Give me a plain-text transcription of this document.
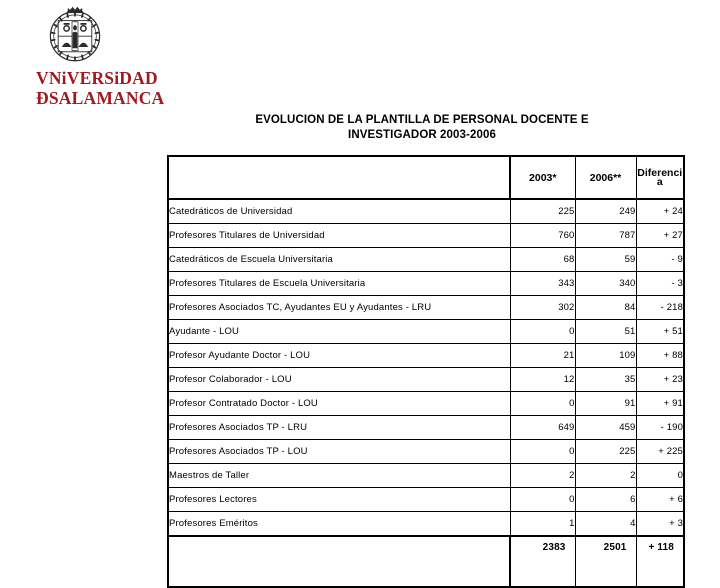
VNiVERSiDAD
ÐSALAMANCA
EVOLUCION DE LA PLANTILLA DE PERSONAL DOCENTE E
INVESTIGADOR 2003-2006
	2003*	2006**	Diferencia
Catedráticos de Universidad	225	249	+ 24
Profesores Titulares de Universidad	760	787	+ 27
Catedráticos de Escuela Universitaria	68	59	- 9
Profesores Titulares de Escuela Universitaria	343	340	- 3
Profesores Asociados TC, Ayudantes EU y Ayudantes - LRU	302	84	- 218
Ayudante - LOU	0	51	+ 51
Profesor Ayudante Doctor - LOU	21	109	+ 88
Profesor Colaborador - LOU	12	35	+ 23
Profesor Contratado Doctor - LOU	0	91	+ 91
Profesores Asociados TP - LRU	649	459	- 190
Profesores Asociados TP - LOU	0	225	+ 225
Maestros de Taller	2	2	0
Profesores Lectores	0	6	+ 6
Profesores Eméritos	1	4	+ 3
	2383	2501	+ 118
